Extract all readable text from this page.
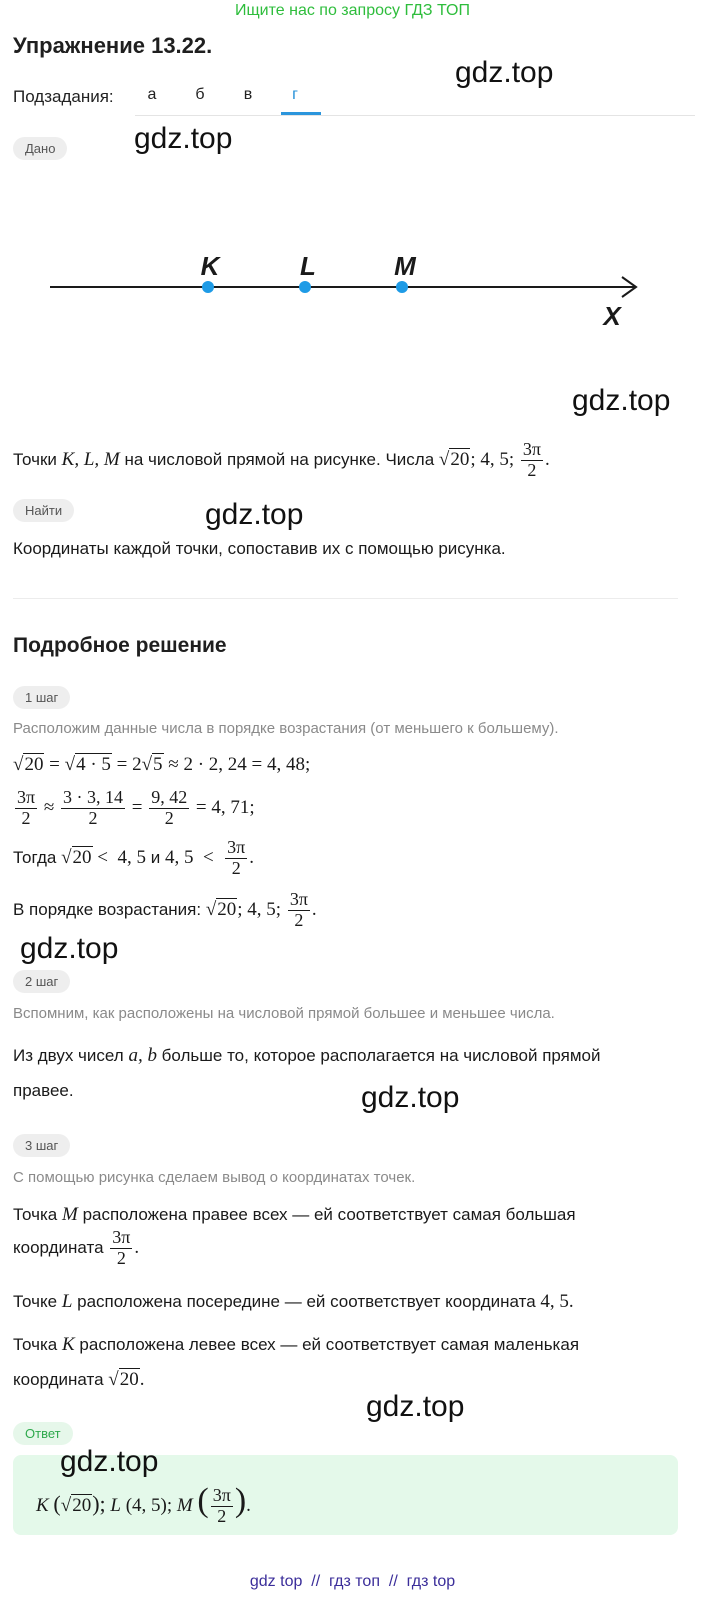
Ищите нас по запросу ГДЗ ТОП
Упражнение 13.22.
gdz.top
gdz.top
gdz.top
gdz.top
gdz.top
gdz.top
gdz.top
gdz.top
Подзадания:	а	б	в	г
Дано
K	L	M
X
Точки K, L, M на числовой прямой на рисунке. Числа √20; 4, 5; $\frac{3\pi}{2}$ .
Найти
Координаты каждой точки, сопоставив их с помощью рисунка.
Подробное решение
1 шаг
Расположим данные числа в порядке возрастания (от меньшего к большему).
√20 = √4 · 5 = 2√5 ≈ 2 · 2, 24 = 4, 48;
$\frac{3\pi}{2} \approx \frac{3 \cdot 3, 14}{2} = \frac{9, 42}{2} = 4$, 71;
Тогда √20 <  4, 5 и 4, $5 < \frac{3\pi}{2}$ .
В порядке возрастания: √20; 4, 5; $\frac{3\pi}{2}$ .
2 шаг
Вспомним, как расположены на числовой прямой большее и меньшее числа.
Из двух чисел a, b больше то, которое располагается на числовой прямой
правее.
3 шаг
С помощью рисунка сделаем вывод о координатах точек.
Точка M расположена правее всех — ей соответствует самая большая
координата $\frac{3\pi}{2}$ .
Точке L расположена посередине — ей соответствует координата 4, 5.
Точка K расположена левее всех — ей соответствует самая маленькая
координата √20.
Ответ
K (√20); L (4, 5); M ( $\frac{3\pi}{2}$ ).
gdz top  //  гдз топ  //  гдз top
